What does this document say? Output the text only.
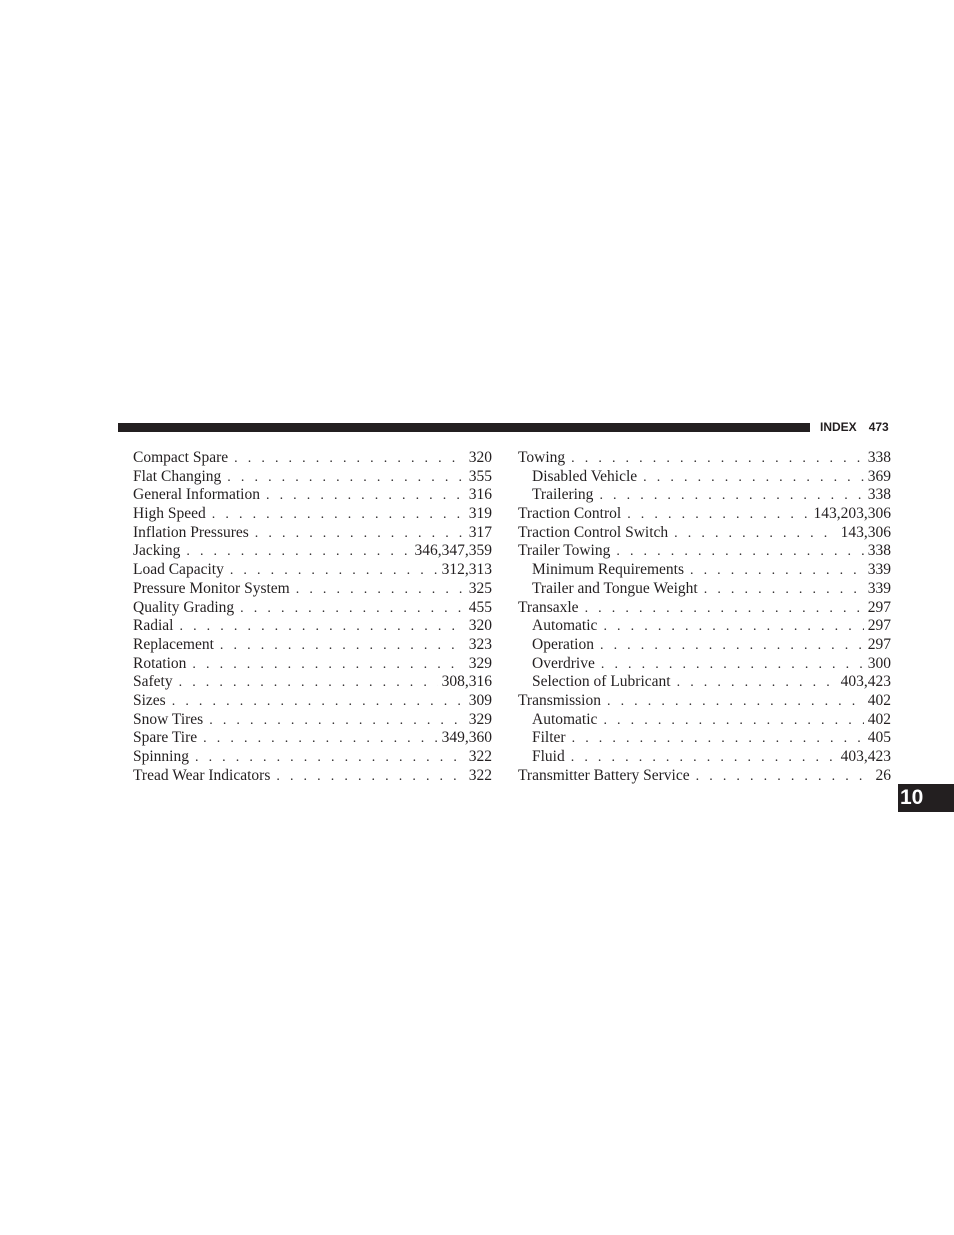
INDEX 473
Compact Spare . . .	320
Flat Changing . . .	355
General Information . . .	316
High Speed . . .	319
Inflation Pressures . . .	317
Jacking . . .	346,347,359
Load Capacity . . .	312,313
Pressure Monitor System . . .	325
Quality Grading . . .	455
Radial . . .	320
Replacement . . .	323
Rotation . . .	329
Safety . . .	308,316
Sizes . . .	309
Snow Tires . . .	329
Spare Tire . . .	349,360
Spinning . . .	322
Tread Wear Indicators . . .	322
Towing . . .	338
Disabled Vehicle . . .	369
Trailering . . .	338
Traction Control . . .	143,203,306
Traction Control Switch . . .	143,306
Trailer Towing . . .	338
Minimum Requirements . . .	339
Trailer and Tongue Weight . . .	339
Transaxle . . .	297
Automatic . . .	297
Operation . . .	297
Overdrive . . .	300
Selection of Lubricant . . .	403,423
Transmission . . .	402
Automatic . . .	402
Filter . . .	405
Fluid . . .	403,423
Transmitter Battery Service . . .	26
10
